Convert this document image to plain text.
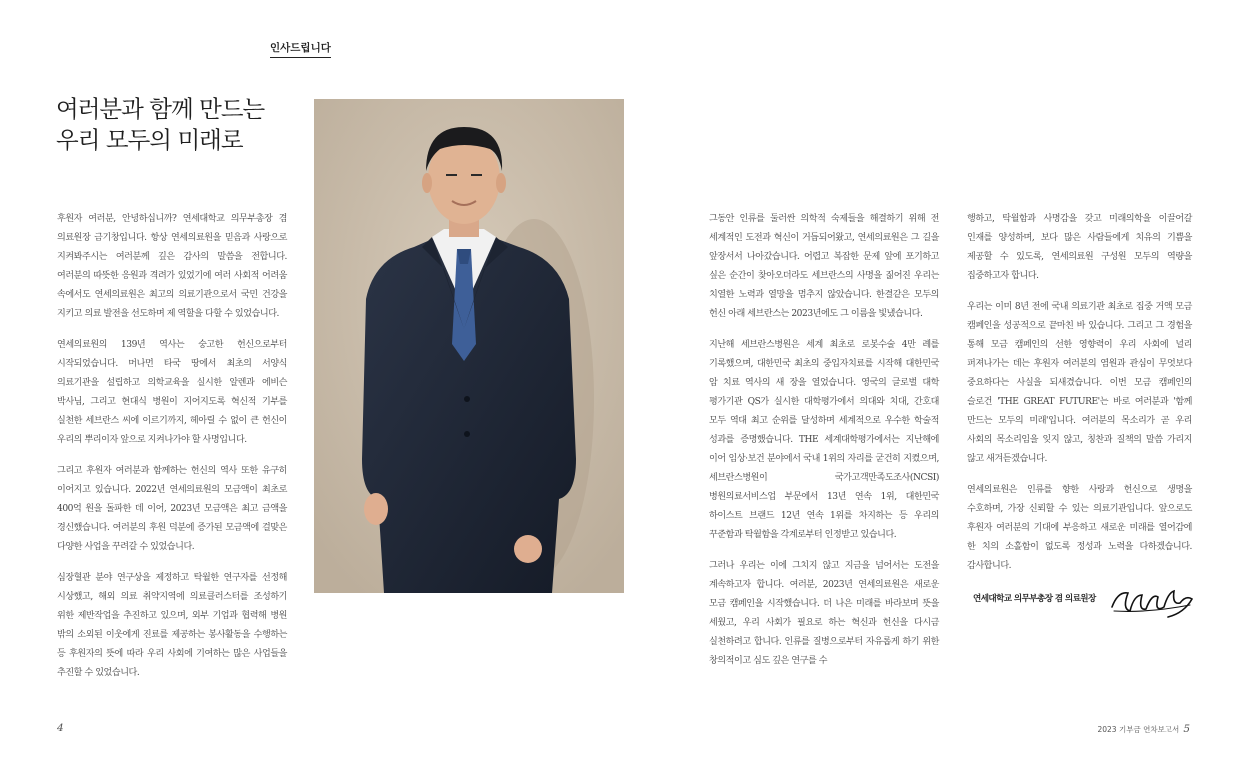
인사드립니다
여러분과 함께 만드는
우리 모두의 미래로

후원자 여러분, 안녕하십니까? 연세대학교 의무부총장 겸 의료원장 금기창입니다. 항상 연세의료원을 믿음과 사랑으로 지켜봐주시는 여러분께 깊은 감사의 말씀을 전합니다. 여러분의 따뜻한 응원과 격려가 있었기에 여러 사회적 어려움 속에서도 연세의료원은 최고의 의료기관으로서 국민 건강을 지키고 의료 발전을 선도하며 제 역할을 다할 수 있었습니다.

연세의료원의 139년 역사는 숭고한 헌신으로부터 시작되었습니다. 머나먼 타국 땅에서 최초의 서양식 의료기관을 설립하고 의학교육을 실시한 알렌과 에비슨 박사님, 그리고 현대식 병원이 지어지도록 혁신적 기부를 실천한 세브란스 씨에 이르기까지, 헤아릴 수 없이 큰 헌신이 우리의 뿌리이자 앞으로 지켜나가야 할 사명입니다.

그리고 후원자 여러분과 함께하는 헌신의 역사 또한 유구히 이어지고 있습니다. 2022년 연세의료원의 모금액이 최초로 400억 원을 돌파한 데 이어, 2023년 모금액은 최고 금액을 경신했습니다. 여러분의 후원 덕분에 증가된 모금액에 걸맞은 다양한 사업을 꾸려갈 수 있었습니다.

심장혈관 분야 연구상을 제정하고 탁월한 연구자를 선정해 시상했고, 해외 의료 취약지역에 의료클러스터를 조성하기 위한 제반작업을 추진하고 있으며, 외부 기업과 협력해 병원 밖의 소외된 이웃에게 진료를 제공하는 봉사활동을 수행하는 등 후원자의 뜻에 따라 우리 사회에 기여하는 많은 사업들을 추진할 수 있었습니다.

4

그동안 인류를 둘러싼 의학적 숙제들을 해결하기 위해 전 세계적인 도전과 혁신이 거듭되어왔고, 연세의료원은 그 길을 앞장서서 나아갔습니다. 어렵고 복잡한 문제 앞에 포기하고 싶은 순간이 찾아오더라도 세브란스의 사명을 짊어진 우리는 치열한 노력과 열망을 멈추지 않았습니다. 한결같은 모두의 헌신 아래 세브란스는 2023년에도 그 이름을 빛냈습니다.

지난해 세브란스병원은 세계 최초로 로봇수술 4만 례를 기록했으며, 대한민국 최초의 중입자치료를 시작해 대한민국 암 치료 역사의 새 장을 열었습니다. 영국의 글로벌 대학 평가기관 QS가 실시한 대학평가에서 의대와 치대, 간호대 모두 역대 최고 순위를 달성하며 세계적으로 우수한 학술적 성과를 증명했습니다. THE 세계대학평가에서는 지난해에 이어 임상·보건 분야에서 국내 1위의 자리를 굳건히 지켰으며, 세브란스병원이 국가고객만족도조사(NCSI) 병원의료서비스업 부문에서 13년 연속 1위, 대한민국 하이스트 브랜드 12년 연속 1위를 차지하는 등 우리의 꾸준함과 탁월함을 각계로부터 인정받고 있습니다.

그러나 우리는 이에 그치지 않고 지금을 넘어서는 도전을 계속하고자 합니다. 여러분, 2023년 연세의료원은 새로운 모금 캠페인을 시작했습니다. 더 나은 미래를 바라보며 뜻을 세웠고, 우리 사회가 필요로 하는 혁신과 헌신을 다시금 실천하려고 합니다. 인류를 질병으로부터 자유롭게 하기 위한 창의적이고 심도 깊은 연구를 수

행하고, 탁월함과 사명감을 갖고 미래의학을 이끌어갈 인재를 양성하며, 보다 많은 사람들에게 치유의 기쁨을 제공할 수 있도록, 연세의료원 구성원 모두의 역량을 집중하고자 합니다.

우리는 이미 8년 전에 국내 의료기관 최초로 집중 거액 모금 캠페인을 성공적으로 끝마친 바 있습니다. 그리고 그 경험을 통해 모금 캠페인의 선한 영향력이 우리 사회에 널리 퍼져나가는 데는 후원자 여러분의 염원과 관심이 무엇보다 중요하다는 사실을 되새겼습니다. 이번 모금 캠페인의 슬로건 'THE GREAT FUTURE'는 바로 여러분과 '함께 만드는 모두의 미래'입니다. 여러분의 목소리가 곧 우리 사회의 목소리임을 잊지 않고, 칭찬과 질책의 말씀 가리지 않고 새겨듣겠습니다.

연세의료원은 인류를 향한 사랑과 헌신으로 생명을 수호하며, 가장 신뢰할 수 있는 의료기관입니다. 앞으로도 후원자 여러분의 기대에 부응하고 새로운 미래를 열어감에 한 치의 소홀함이 없도록 정성과 노력을 다하겠습니다. 감사합니다.

연세대학교 의무부총장 겸 의료원장
2023 기부금 연차보고서 5
